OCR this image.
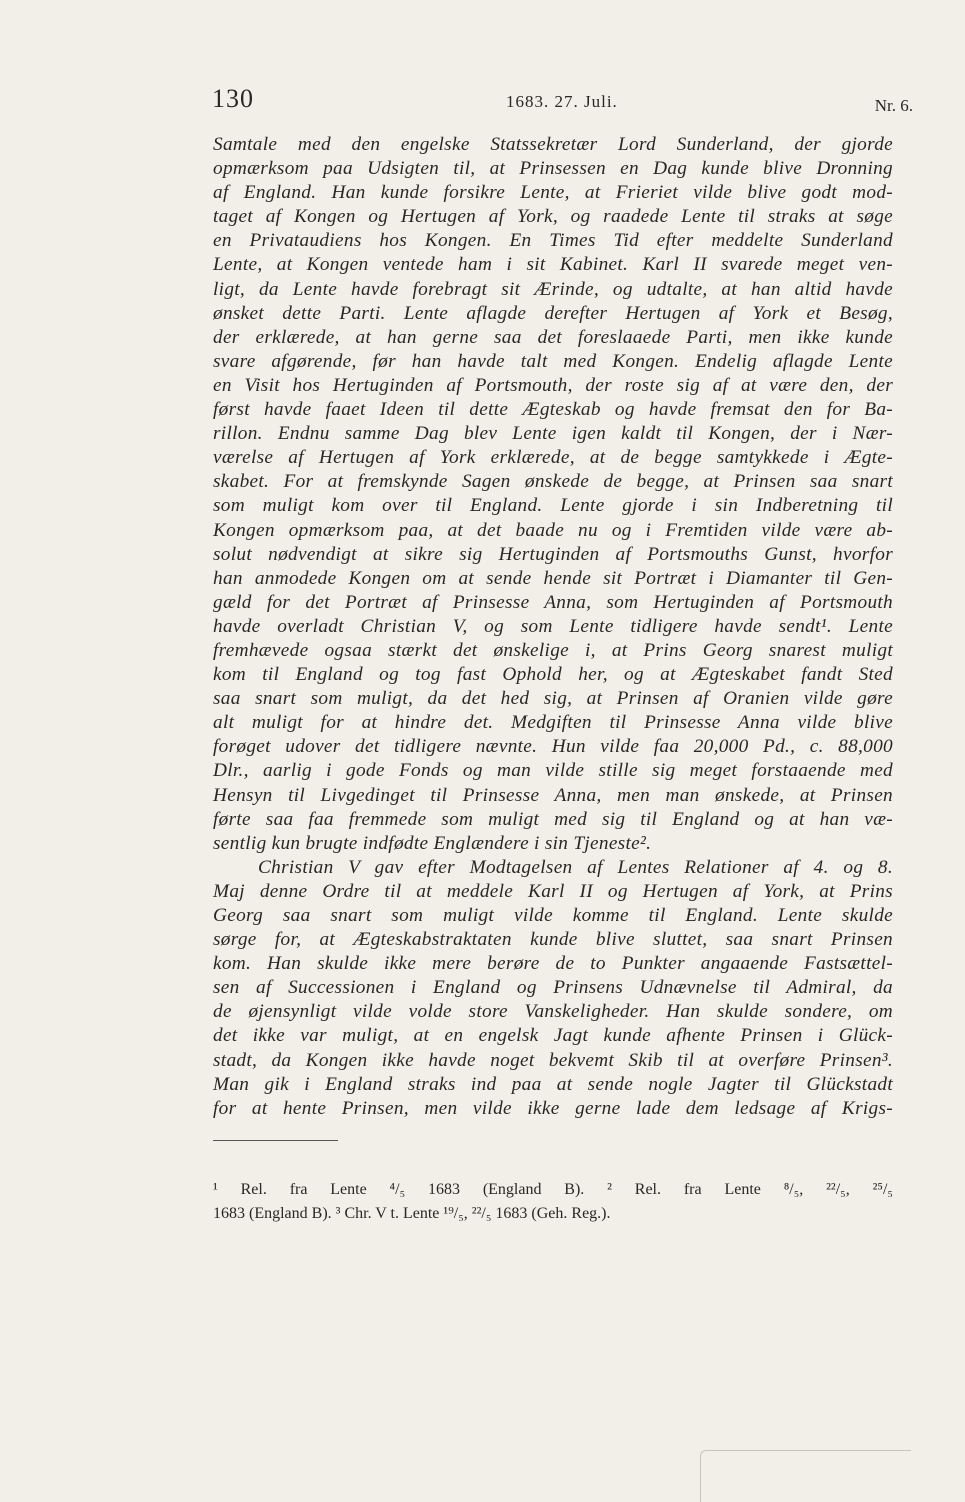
130	1683. 27. Juli.	Nr. 6.
Samtale med den engelske Statssekretær Lord Sunderland, der gjorde
opmærksom paa Udsigten til, at Prinsessen en Dag kunde blive Dronning
af England. Han kunde forsikre Lente, at Frieriet vilde blive godt mod-
taget af Kongen og Hertugen af York, og raadede Lente til straks at søge
en Privataudiens hos Kongen. En Times Tid efter meddelte Sunderland
Lente, at Kongen ventede ham i sit Kabinet. Karl II svarede meget ven-
ligt, da Lente havde forebragt sit Ærinde, og udtalte, at han altid havde
ønsket dette Parti. Lente aflagde derefter Hertugen af York et Besøg,
der erklærede, at han gerne saa det foreslaaede Parti, men ikke kunde
svare afgørende, før han havde talt med Kongen. Endelig aflagde Lente
en Visit hos Hertuginden af Portsmouth, der roste sig af at være den, der
først havde faaet Ideen til dette Ægteskab og havde fremsat den for Ba-
rillon. Endnu samme Dag blev Lente igen kaldt til Kongen, der i Nær-
værelse af Hertugen af York erklærede, at de begge samtykkede i Ægte-
skabet. For at fremskynde Sagen ønskede de begge, at Prinsen saa snart
som muligt kom over til England. Lente gjorde i sin Indberetning til
Kongen opmærksom paa, at det baade nu og i Fremtiden vilde være ab-
solut nødvendigt at sikre sig Hertuginden af Portsmouths Gunst, hvorfor
han anmodede Kongen om at sende hende sit Portræt i Diamanter til Gen-
gæld for det Portræt af Prinsesse Anna, som Hertuginden af Portsmouth
havde overladt Christian V, og som Lente tidligere havde sendt¹. Lente
fremhævede ogsaa stærkt det ønskelige i, at Prins Georg snarest muligt
kom til England og tog fast Ophold her, og at Ægteskabet fandt Sted
saa snart som muligt, da det hed sig, at Prinsen af Oranien vilde gøre
alt muligt for at hindre det. Medgiften til Prinsesse Anna vilde blive
forøget udover det tidligere nævnte. Hun vilde faa 20,000 Pd., c. 88,000
Dlr., aarlig i gode Fonds og man vilde stille sig meget forstaaende med
Hensyn til Livgedinget til Prinsesse Anna, men man ønskede, at Prinsen
førte saa faa fremmede som muligt med sig til England og at han væ-
sentlig kun brugte indfødte Englændere i sin Tjeneste².
Christian V gav efter Modtagelsen af Lentes Relationer af 4. og 8.
Maj denne Ordre til at meddele Karl II og Hertugen af York, at Prins
Georg saa snart som muligt vilde komme til England. Lente skulde
sørge for, at Ægteskabstraktaten kunde blive sluttet, saa snart Prinsen
kom. Han skulde ikke mere berøre de to Punkter angaaende Fastsættel-
sen af Successionen i England og Prinsens Udnævnelse til Admiral, da
de øjensynligt vilde volde store Vanskeligheder. Han skulde sondere, om
det ikke var muligt, at en engelsk Jagt kunde afhente Prinsen i Glück-
stadt, da Kongen ikke havde noget bekvemt Skib til at overføre Prinsen³.
Man gik i England straks ind paa at sende nogle Jagter til Glückstadt
for at hente Prinsen, men vilde ikke gerne lade dem ledsage af Krigs-
¹ Rel. fra Lente ⁴/₅ 1683 (England B). ² Rel. fra Lente ⁸/₅, ²²/₅, ²⁵/₅
1683 (England B). ³ Chr. V t. Lente ¹⁹/₅, ²²/₅ 1683 (Geh. Reg.).
